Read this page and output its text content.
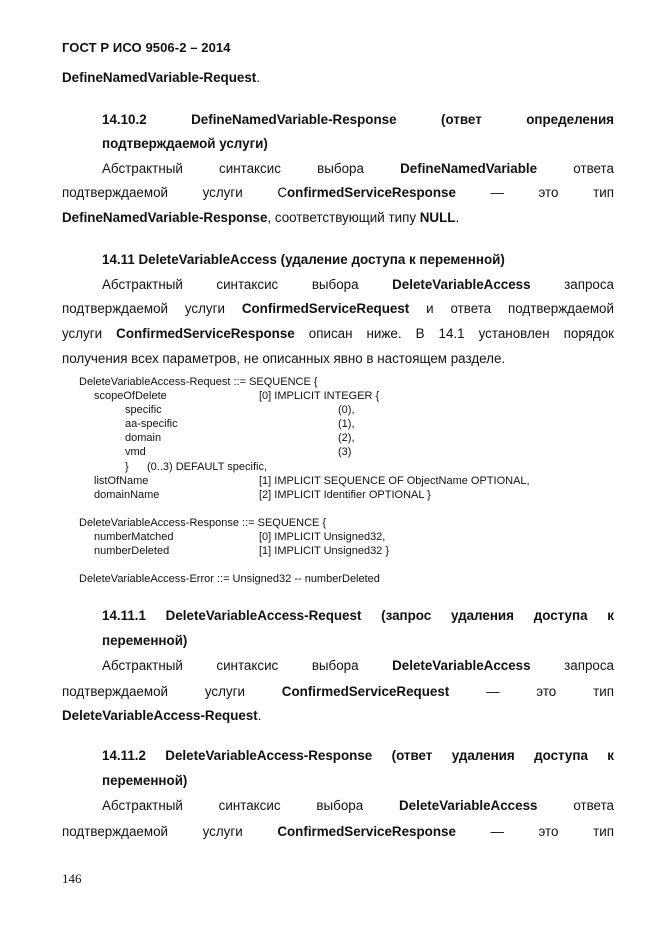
ГОСТ Р ИСО 9506-2 – 2014
DefineNamedVariable-Request.
14.10.2 DefineNamedVariable-Response	(ответ	определения
подтверждаемой услуги)
Абстрактный	синтаксис	выбора	DefineNamedVariable	ответа
подтверждаемой	услуги	ConfirmedServiceResponse	—	это	тип
DefineNamedVariable-Response, соответствующий типу NULL.
14.11 DeleteVariableAccess (удаление доступа к переменной)
Абстрактный	синтаксис	выбора	DeleteVariableAccess	запроса
подтверждаемой услуги ConfirmedServiceRequest и ответа подтверждаемой
услуги ConfirmedServiceResponse описан ниже. В 14.1 установлен порядок
получения всех параметров, не описанных явно в настоящем разделе.
DeleteVariableAccess-Request ::= SEQUENCE {
scopeOfDelete	[0] IMPLICIT INTEGER {
specific	(0),
aa-specific	(1),
domain	(2),
vmd	(3)
}      (0..3) DEFAULT specific,
listOfName	[1] IMPLICIT SEQUENCE OF ObjectName OPTIONAL,
domainName	[2] IMPLICIT Identifier OPTIONAL }
DeleteVariableAccess-Response ::= SEQUENCE {
numberMatched	[0] IMPLICIT Unsigned32,
numberDeleted	[1] IMPLICIT Unsigned32 }
DeleteVariableAccess-Error ::= Unsigned32 -- numberDeleted
14.11.1 DeleteVariableAccess-Request (запрос удаления доступа к
переменной)
Абстрактный	синтаксис	выбора	DeleteVariableAccess	запроса
подтверждаемой	услуги	ConfirmedServiceRequest	—	это	тип
DeleteVariableAccess-Request.
14.11.2 DeleteVariableAccess-Response (ответ удаления доступа к
переменной)
Абстрактный	синтаксис	выбора	DeleteVariableAccess	ответа
подтверждаемой	услуги	ConfirmedServiceResponse	—	это	тип
146
